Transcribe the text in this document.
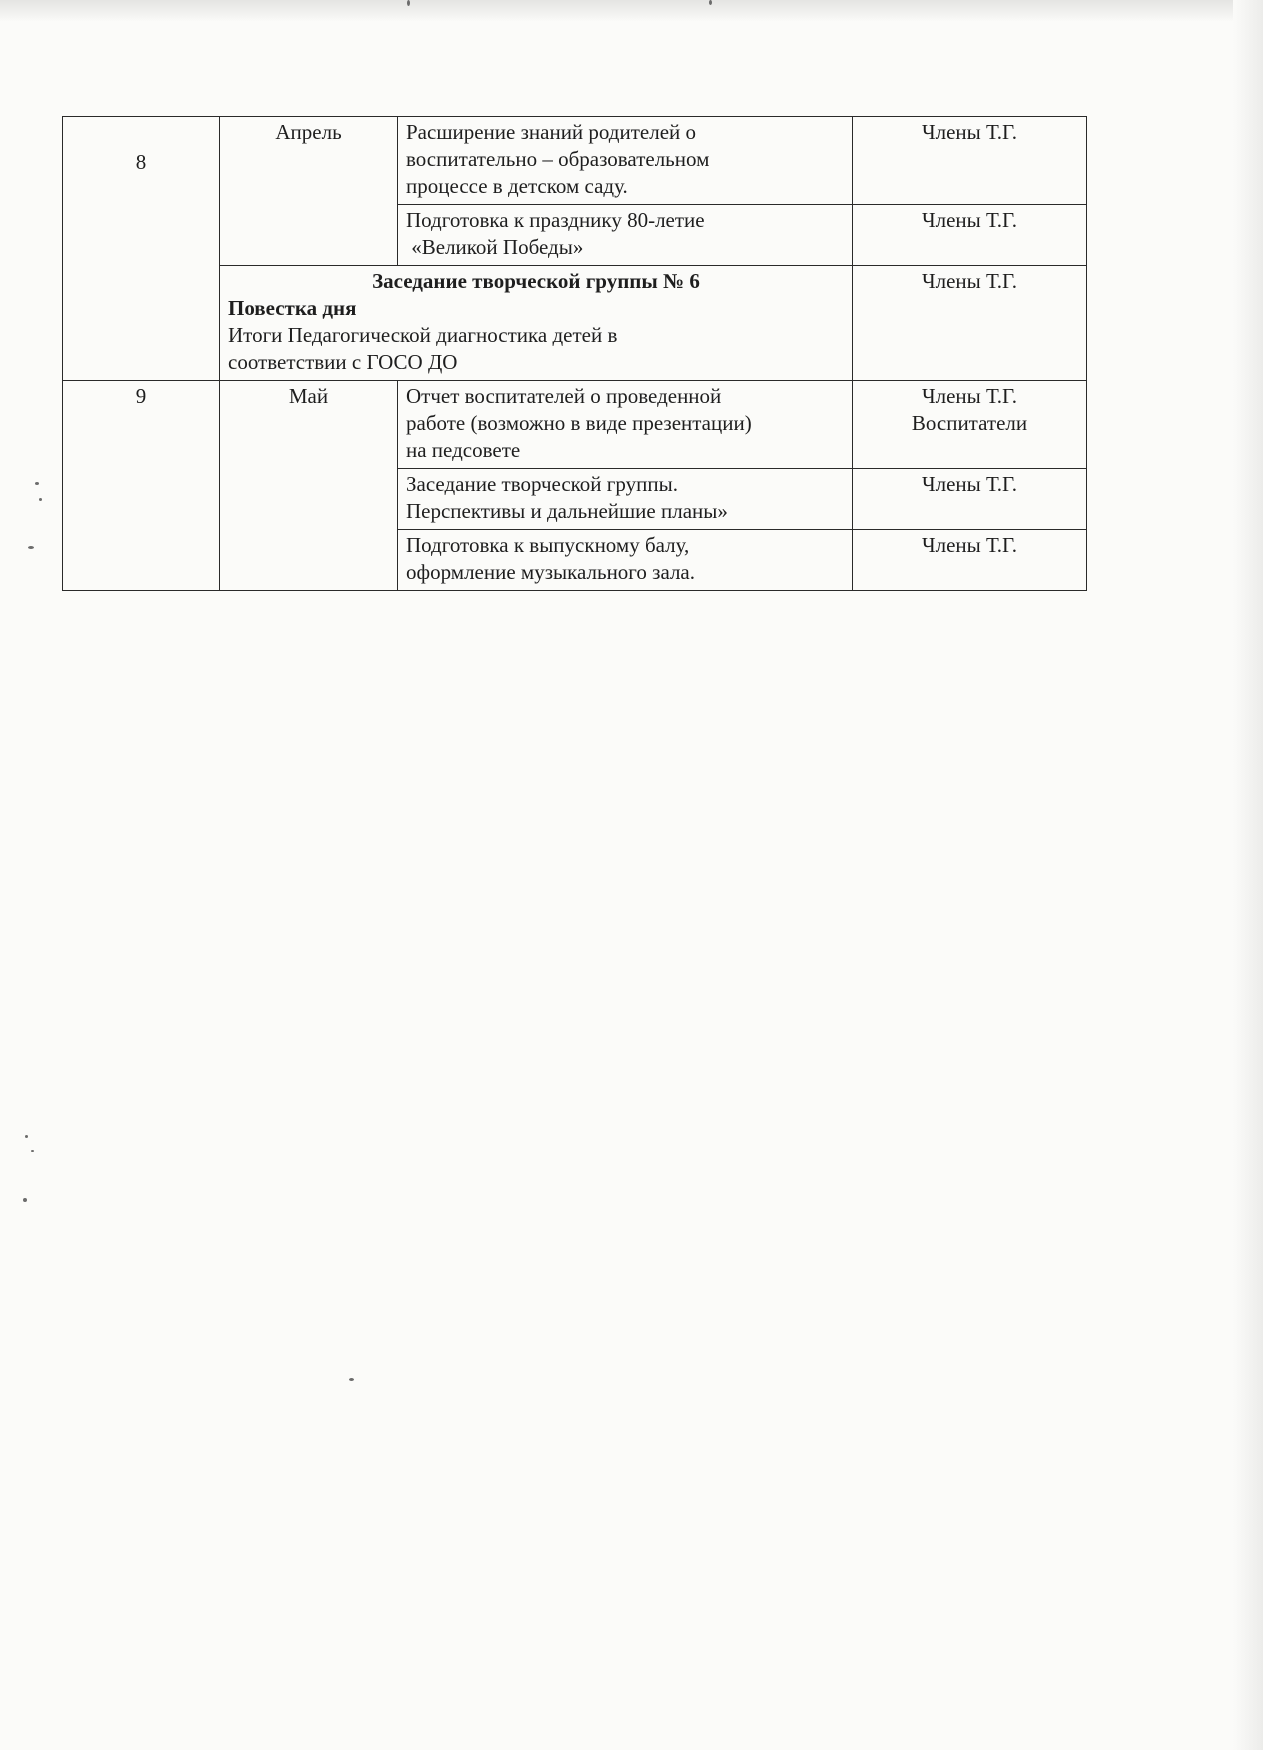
8	Апрель	Расширение знаний родителей о
воспитательно – образовательном
процессе в детском саду.	Члены Т.Г.

		Подготовка к празднику 80-летие
«Великой Победы»	Члены Т.Г.

	Заседание творческой группы № 6
Повестка дня
Итоги Педагогической диагностика детей в
соответствии с ГОСО ДО		Члены Т.Г.

9	Май	Отчет воспитателей о проведенной
работе (возможно в виде презентации)
на педсовете	Члены Т.Г.
Воспитатели

		Заседание творческой группы.
Перспективы и дальнейшие планы»	Члены Т.Г.

		Подготовка к выпускному балу,
оформление музыкального зала.	Члены Т.Г.
